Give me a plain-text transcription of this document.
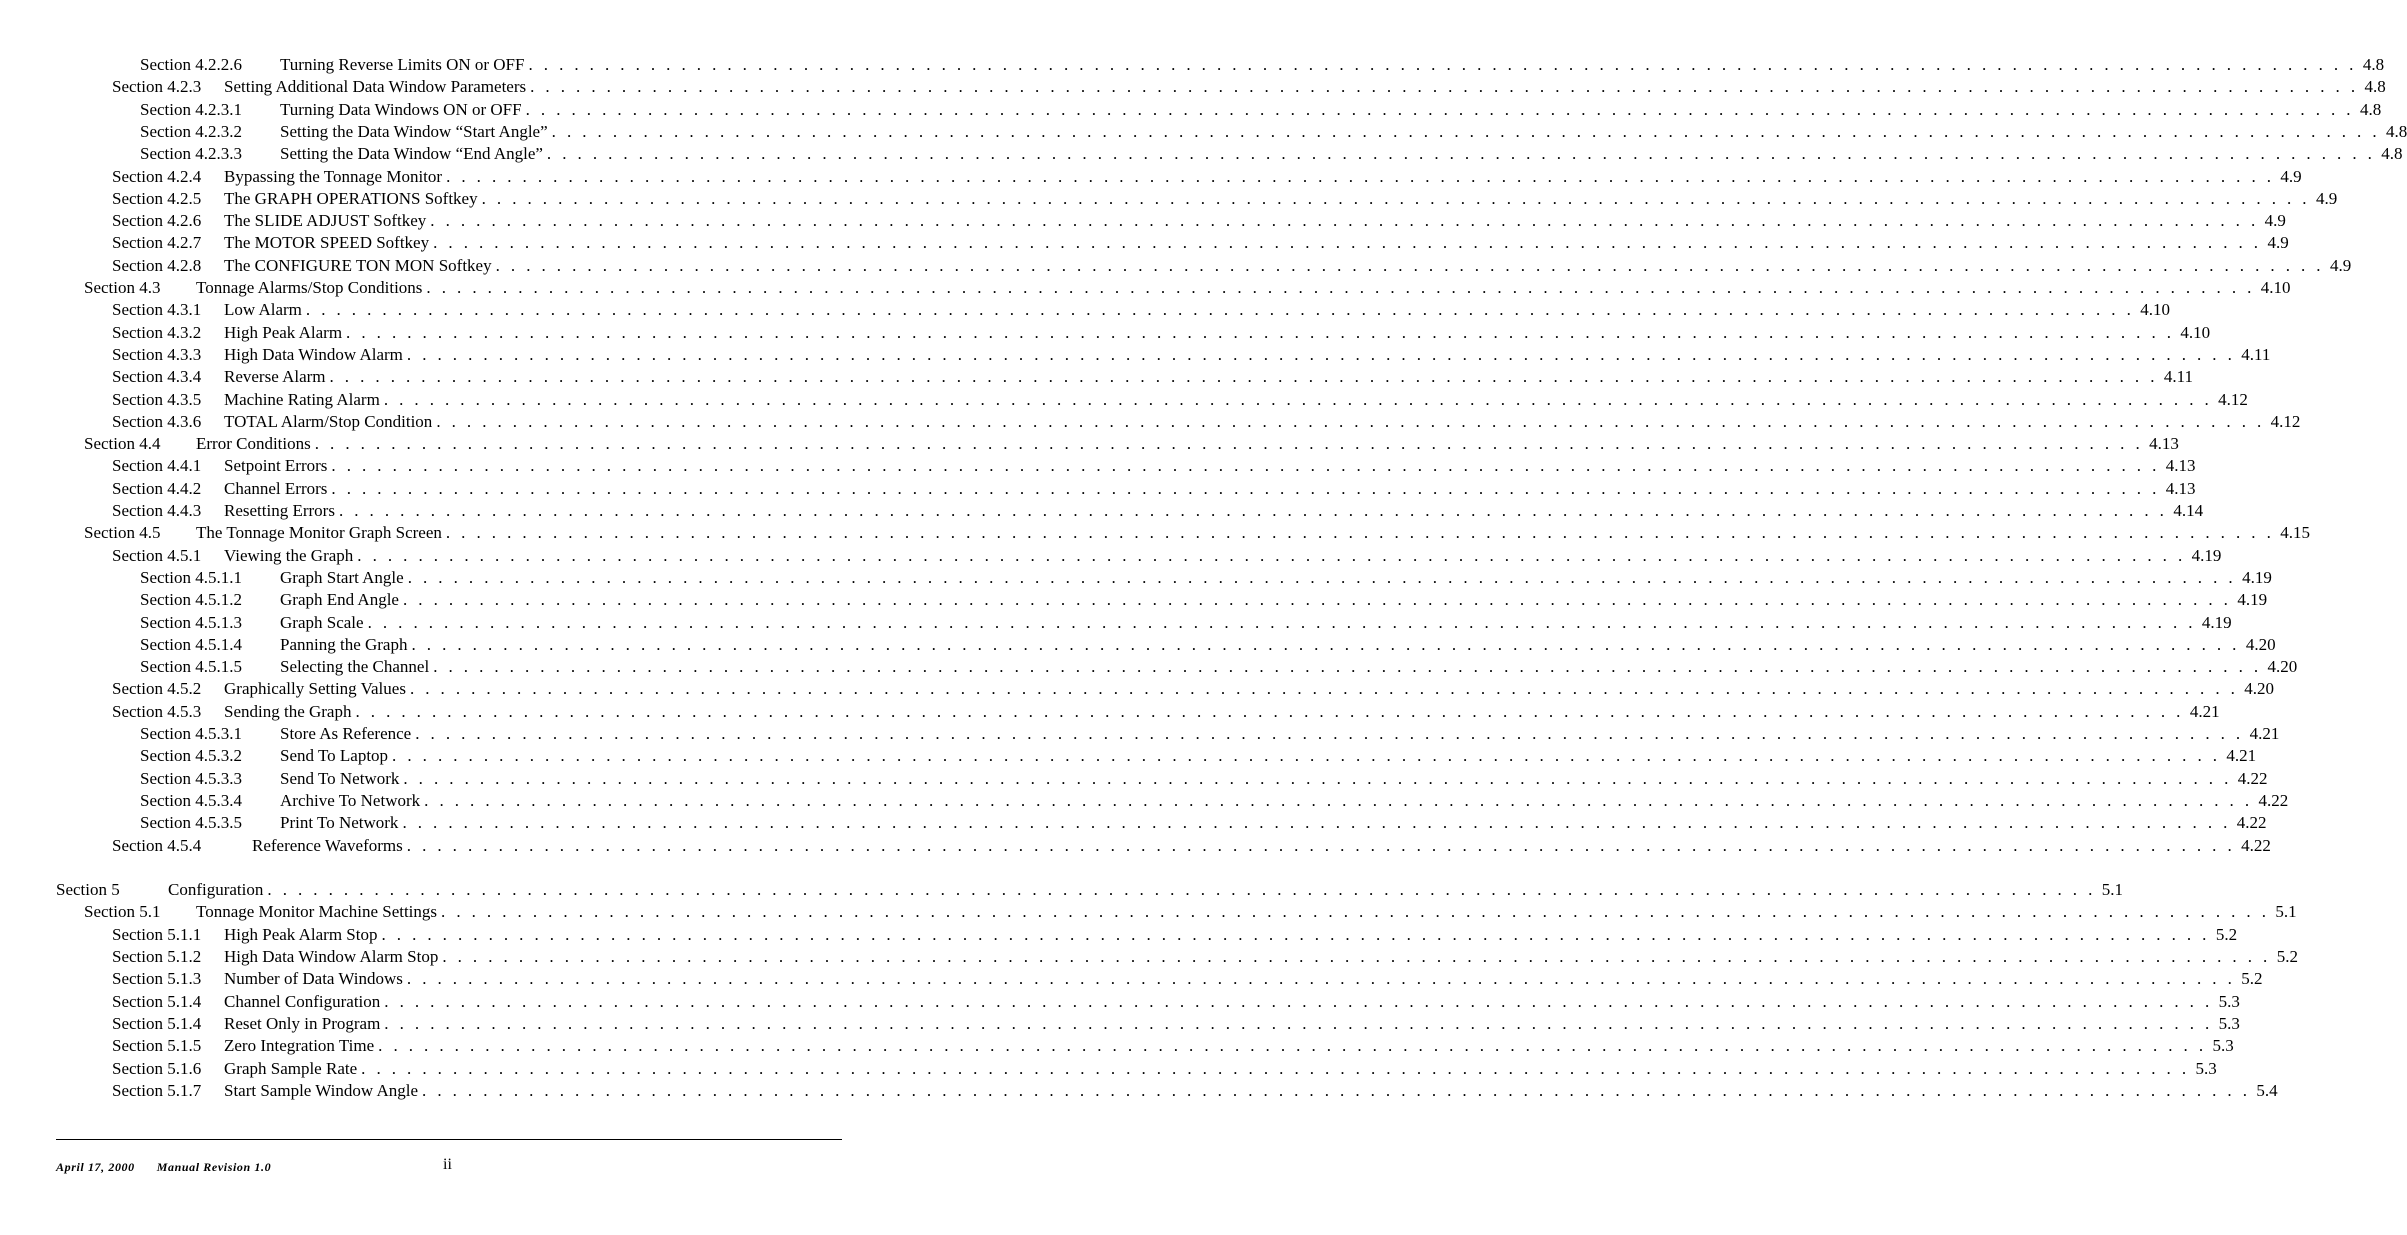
Section 4.2.2.6 Turning Reverse Limits ON or OFF . . . . . . . . . . . . . . . . . . . . . . . . . . . . . . . . . . . . . . . . . . . . . . . . . . . . . . . . . . . . . . . . . . . . . . . . . . . . . . . . . . . . . . . . . . . . . . . . . . . . . . . . . . . . . . . . . . . . . . . . 4.8
Section 4.2.3 Setting Additional Data Window Parameters . . . . . . . . . . . . . . . . . . . . . . . . . . . . . . . . . . . . . . . . . . . . . . . . . . . . . . . . . . . . . . . . . . . . . . . . . . . . . . . . . . . . . . . . . . . . . . . . . . . . . . . . . . . . . . . . . . . . . . . . 4.8
Section 4.2.3.1 Turning Data Windows ON or OFF . . . . . . . . . . . . . . . . . . . . . . . . . . . . . . . . . . . . . . . . . . . . . . . . . . . . . . . . . . . . . . . . . . . . . . . . . . . . . . . . . . . . . . . . . . . . . . . . . . . . . . . . . . . . . . . . . . . . . . . . 4.8
Section 4.2.3.2 Setting the Data Window “Start Angle” . . . . . . . . . . . . . . . . . . . . . . . . . . . . . . . . . . . . . . . . . . . . . . . . . . . . . . . . . . . . . . . . . . . . . . . . . . . . . . . . . . . . . . . . . . . . . . . . . . . . . . . . . . . . . . . . . . . . . . . . 4.8
Section 4.2.3.3 Setting the Data Window “End Angle” . . . . . . . . . . . . . . . . . . . . . . . . . . . . . . . . . . . . . . . . . . . . . . . . . . . . . . . . . . . . . . . . . . . . . . . . . . . . . . . . . . . . . . . . . . . . . . . . . . . . . . . . . . . . . . . . . . . . . . . . 4.8
Section 4.2.4 Bypassing the Tonnage Monitor . . . . . . . . . . . . . . . . . . . . . . . . . . . . . . . . . . . . . . . . . . . . . . . . . . . . . . . . . . . . . . . . . . . . . . . . . . . . . . . . . . . . . . . . . . . . . . . . . . . . . . . . . . . . . . . . . . . . . . . . 4.9
Section 4.2.5 The GRAPH OPERATIONS Softkey . . . . . . . . . . . . . . . . . . . . . . . . . . . . . . . . . . . . . . . . . . . . . . . . . . . . . . . . . . . . . . . . . . . . . . . . . . . . . . . . . . . . . . . . . . . . . . . . . . . . . . . . . . . . . . . . . . . . . . . . 4.9
Section 4.2.6 The SLIDE ADJUST Softkey . . . . . . . . . . . . . . . . . . . . . . . . . . . . . . . . . . . . . . . . . . . . . . . . . . . . . . . . . . . . . . . . . . . . . . . . . . . . . . . . . . . . . . . . . . . . . . . . . . . . . . . . . . . . . . . . . . . . . . . . 4.9
Section 4.2.7 The MOTOR SPEED Softkey . . . . . . . . . . . . . . . . . . . . . . . . . . . . . . . . . . . . . . . . . . . . . . . . . . . . . . . . . . . . . . . . . . . . . . . . . . . . . . . . . . . . . . . . . . . . . . . . . . . . . . . . . . . . . . . . . . . . . . . . 4.9
Section 4.2.8 The CONFIGURE TON MON Softkey . . . . . . . . . . . . . . . . . . . . . . . . . . . . . . . . . . . . . . . . . . . . . . . . . . . . . . . . . . . . . . . . . . . . . . . . . . . . . . . . . . . . . . . . . . . . . . . . . . . . . . . . . . . . . . . . . . . . . . . . 4.9
Section 4.3 Tonnage Alarms/Stop Conditions . . . . . . . . . . . . . . . . . . . . . . . . . . . . . . . . . . . . . . . . . . . . . . . . . . . . . . . . . . . . . . . . . . . . . . . . . . . . . . . . . . . . . . . . . . . . . . . . . . . . . . . . . . . . . . . . . . . . . . . . 4.10
Section 4.3.1 Low Alarm . . . . . . . . . . . . . . . . . . . . . . . . . . . . . . . . . . . . . . . . . . . . . . . . . . . . . . . . . . . . . . . . . . . . . . . . . . . . . . . . . . . . . . . . . . . . . . . . . . . . . . . . . . . . . . . . . . . . . . . . 4.10
Section 4.3.2 High Peak Alarm . . . . . . . . . . . . . . . . . . . . . . . . . . . . . . . . . . . . . . . . . . . . . . . . . . . . . . . . . . . . . . . . . . . . . . . . . . . . . . . . . . . . . . . . . . . . . . . . . . . . . . . . . . . . . . . . . . . . . . . . 4.10
Section 4.3.3 High Data Window Alarm . . . . . . . . . . . . . . . . . . . . . . . . . . . . . . . . . . . . . . . . . . . . . . . . . . . . . . . . . . . . . . . . . . . . . . . . . . . . . . . . . . . . . . . . . . . . . . . . . . . . . . . . . . . . . . . . . . . . . . . . 4.11
Section 4.3.4 Reverse Alarm . . . . . . . . . . . . . . . . . . . . . . . . . . . . . . . . . . . . . . . . . . . . . . . . . . . . . . . . . . . . . . . . . . . . . . . . . . . . . . . . . . . . . . . . . . . . . . . . . . . . . . . . . . . . . . . . . . . . . . . . 4.11
Section 4.3.5 Machine Rating Alarm . . . . . . . . . . . . . . . . . . . . . . . . . . . . . . . . . . . . . . . . . . . . . . . . . . . . . . . . . . . . . . . . . . . . . . . . . . . . . . . . . . . . . . . . . . . . . . . . . . . . . . . . . . . . . . . . . . . . . . . . 4.12
Section 4.3.6 TOTAL Alarm/Stop Condition . . . . . . . . . . . . . . . . . . . . . . . . . . . . . . . . . . . . . . . . . . . . . . . . . . . . . . . . . . . . . . . . . . . . . . . . . . . . . . . . . . . . . . . . . . . . . . . . . . . . . . . . . . . . . . . . . . . . . . . . 4.12
Section 4.4 Error Conditions . . . . . . . . . . . . . . . . . . . . . . . . . . . . . . . . . . . . . . . . . . . . . . . . . . . . . . . . . . . . . . . . . . . . . . . . . . . . . . . . . . . . . . . . . . . . . . . . . . . . . . . . . . . . . . . . . . . . . . . . 4.13
Section 4.4.1 Setpoint Errors . . . . . . . . . . . . . . . . . . . . . . . . . . . . . . . . . . . . . . . . . . . . . . . . . . . . . . . . . . . . . . . . . . . . . . . . . . . . . . . . . . . . . . . . . . . . . . . . . . . . . . . . . . . . . . . . . . . . . . . . 4.13
Section 4.4.2 Channel Errors . . . . . . . . . . . . . . . . . . . . . . . . . . . . . . . . . . . . . . . . . . . . . . . . . . . . . . . . . . . . . . . . . . . . . . . . . . . . . . . . . . . . . . . . . . . . . . . . . . . . . . . . . . . . . . . . . . . . . . . . 4.13
Section 4.4.3 Resetting Errors . . . . . . . . . . . . . . . . . . . . . . . . . . . . . . . . . . . . . . . . . . . . . . . . . . . . . . . . . . . . . . . . . . . . . . . . . . . . . . . . . . . . . . . . . . . . . . . . . . . . . . . . . . . . . . . . . . . . . . . . 4.14
Section 4.5 The Tonnage Monitor Graph Screen . . . . . . . . . . . . . . . . . . . . . . . . . . . . . . . . . . . . . . . . . . . . . . . . . . . . . . . . . . . . . . . . . . . . . . . . . . . . . . . . . . . . . . . . . . . . . . . . . . . . . . . . . . . . . . . . . . . . . . . . 4.15
Section 4.5.1 Viewing the Graph . . . . . . . . . . . . . . . . . . . . . . . . . . . . . . . . . . . . . . . . . . . . . . . . . . . . . . . . . . . . . . . . . . . . . . . . . . . . . . . . . . . . . . . . . . . . . . . . . . . . . . . . . . . . . . . . . . . . . . . . 4.19
Section 4.5.1.1 Graph Start Angle . . . . . . . . . . . . . . . . . . . . . . . . . . . . . . . . . . . . . . . . . . . . . . . . . . . . . . . . . . . . . . . . . . . . . . . . . . . . . . . . . . . . . . . . . . . . . . . . . . . . . . . . . . . . . . . . . . . . . . . . 4.19
Section 4.5.1.2 Graph End Angle . . . . . . . . . . . . . . . . . . . . . . . . . . . . . . . . . . . . . . . . . . . . . . . . . . . . . . . . . . . . . . . . . . . . . . . . . . . . . . . . . . . . . . . . . . . . . . . . . . . . . . . . . . . . . . . . . . . . . . . . 4.19
Section 4.5.1.3 Graph Scale . . . . . . . . . . . . . . . . . . . . . . . . . . . . . . . . . . . . . . . . . . . . . . . . . . . . . . . . . . . . . . . . . . . . . . . . . . . . . . . . . . . . . . . . . . . . . . . . . . . . . . . . . . . . . . . . . . . . . . . . 4.19
Section 4.5.1.4 Panning the Graph . . . . . . . . . . . . . . . . . . . . . . . . . . . . . . . . . . . . . . . . . . . . . . . . . . . . . . . . . . . . . . . . . . . . . . . . . . . . . . . . . . . . . . . . . . . . . . . . . . . . . . . . . . . . . . . . . . . . . . . . 4.20
Section 4.5.1.5 Selecting the Channel . . . . . . . . . . . . . . . . . . . . . . . . . . . . . . . . . . . . . . . . . . . . . . . . . . . . . . . . . . . . . . . . . . . . . . . . . . . . . . . . . . . . . . . . . . . . . . . . . . . . . . . . . . . . . . . . . . . . . . . . 4.20
Section 4.5.2 Graphically Setting Values . . . . . . . . . . . . . . . . . . . . . . . . . . . . . . . . . . . . . . . . . . . . . . . . . . . . . . . . . . . . . . . . . . . . . . . . . . . . . . . . . . . . . . . . . . . . . . . . . . . . . . . . . . . . . . . . . . . . . . . . 4.20
Section 4.5.3 Sending the Graph . . . . . . . . . . . . . . . . . . . . . . . . . . . . . . . . . . . . . . . . . . . . . . . . . . . . . . . . . . . . . . . . . . . . . . . . . . . . . . . . . . . . . . . . . . . . . . . . . . . . . . . . . . . . . . . . . . . . . . . . 4.21
Section 4.5.3.1 Store As Reference . . . . . . . . . . . . . . . . . . . . . . . . . . . . . . . . . . . . . . . . . . . . . . . . . . . . . . . . . . . . . . . . . . . . . . . . . . . . . . . . . . . . . . . . . . . . . . . . . . . . . . . . . . . . . . . . . . . . . . . . 4.21
Section 4.5.3.2 Send To Laptop . . . . . . . . . . . . . . . . . . . . . . . . . . . . . . . . . . . . . . . . . . . . . . . . . . . . . . . . . . . . . . . . . . . . . . . . . . . . . . . . . . . . . . . . . . . . . . . . . . . . . . . . . . . . . . . . . . . . . . . . 4.21
Section 4.5.3.3 Send To Network . . . . . . . . . . . . . . . . . . . . . . . . . . . . . . . . . . . . . . . . . . . . . . . . . . . . . . . . . . . . . . . . . . . . . . . . . . . . . . . . . . . . . . . . . . . . . . . . . . . . . . . . . . . . . . . . . . . . . . . . 4.22
Section 4.5.3.4 Archive To Network . . . . . . . . . . . . . . . . . . . . . . . . . . . . . . . . . . . . . . . . . . . . . . . . . . . . . . . . . . . . . . . . . . . . . . . . . . . . . . . . . . . . . . . . . . . . . . . . . . . . . . . . . . . . . . . . . . . . . . . . 4.22
Section 4.5.3.5 Print To Network . . . . . . . . . . . . . . . . . . . . . . . . . . . . . . . . . . . . . . . . . . . . . . . . . . . . . . . . . . . . . . . . . . . . . . . . . . . . . . . . . . . . . . . . . . . . . . . . . . . . . . . . . . . . . . . . . . . . . . . . 4.22
Section 4.5.4	Reference Waveforms . . . . . . . . . . . . . . . . . . . . . . . . . . . . . . . . . . . . . . . . . . . . . . . . . . . . . . . . . . . . . . . . . . . . . . . . . . . . . . . . . . . . . . . . . . . . . . . . . . . . . . . . . . . . . . . . . . . . . . . . 4.22
Section 5	Configuration . . . . . . . . . . . . . . . . . . . . . . . . . . . . . . . . . . . . . . . . . . . . . . . . . . . . . . . . . . . . . . . . . . . . . . . . . . . . . . . . . . . . . . . . . . . . . . . . . . . . . . . . . . . . . . . . . . . . . . . . 5.1
Section 5.1 Tonnage Monitor Machine Settings . . . . . . . . . . . . . . . . . . . . . . . . . . . . . . . . . . . . . . . . . . . . . . . . . . . . . . . . . . . . . . . . . . . . . . . . . . . . . . . . . . . . . . . . . . . . . . . . . . . . . . . . . . . . . . . . . . . . . . . . 5.1
Section 5.1.1 High Peak Alarm Stop . . . . . . . . . . . . . . . . . . . . . . . . . . . . . . . . . . . . . . . . . . . . . . . . . . . . . . . . . . . . . . . . . . . . . . . . . . . . . . . . . . . . . . . . . . . . . . . . . . . . . . . . . . . . . . . . . . . . . . . . 5.2
Section 5.1.2 High Data Window Alarm Stop . . . . . . . . . . . . . . . . . . . . . . . . . . . . . . . . . . . . . . . . . . . . . . . . . . . . . . . . . . . . . . . . . . . . . . . . . . . . . . . . . . . . . . . . . . . . . . . . . . . . . . . . . . . . . . . . . . . . . . . . 5.2
Section 5.1.3 Number of Data Windows . . . . . . . . . . . . . . . . . . . . . . . . . . . . . . . . . . . . . . . . . . . . . . . . . . . . . . . . . . . . . . . . . . . . . . . . . . . . . . . . . . . . . . . . . . . . . . . . . . . . . . . . . . . . . . . . . . . . . . . . 5.2
Section 5.1.4 Channel Configuration . . . . . . . . . . . . . . . . . . . . . . . . . . . . . . . . . . . . . . . . . . . . . . . . . . . . . . . . . . . . . . . . . . . . . . . . . . . . . . . . . . . . . . . . . . . . . . . . . . . . . . . . . . . . . . . . . . . . . . . . 5.3
Section 5.1.4 Reset Only in Program . . . . . . . . . . . . . . . . . . . . . . . . . . . . . . . . . . . . . . . . . . . . . . . . . . . . . . . . . . . . . . . . . . . . . . . . . . . . . . . . . . . . . . . . . . . . . . . . . . . . . . . . . . . . . . . . . . . . . . . . 5.3
Section 5.1.5 Zero Integration Time . . . . . . . . . . . . . . . . . . . . . . . . . . . . . . . . . . . . . . . . . . . . . . . . . . . . . . . . . . . . . . . . . . . . . . . . . . . . . . . . . . . . . . . . . . . . . . . . . . . . . . . . . . . . . . . . . . . . . . . . 5.3
Section 5.1.6 Graph Sample Rate . . . . . . . . . . . . . . . . . . . . . . . . . . . . . . . . . . . . . . . . . . . . . . . . . . . . . . . . . . . . . . . . . . . . . . . . . . . . . . . . . . . . . . . . . . . . . . . . . . . . . . . . . . . . . . . . . . . . . . . . 5.3
Section 5.1.7 Start Sample Window Angle . . . . . . . . . . . . . . . . . . . . . . . . . . . . . . . . . . . . . . . . . . . . . . . . . . . . . . . . . . . . . . . . . . . . . . . . . . . . . . . . . . . . . . . . . . . . . . . . . . . . . . . . . . . . . . . . . . . . . . . . 5.4
April 17, 2000 Manual Revision 1.0	ii
